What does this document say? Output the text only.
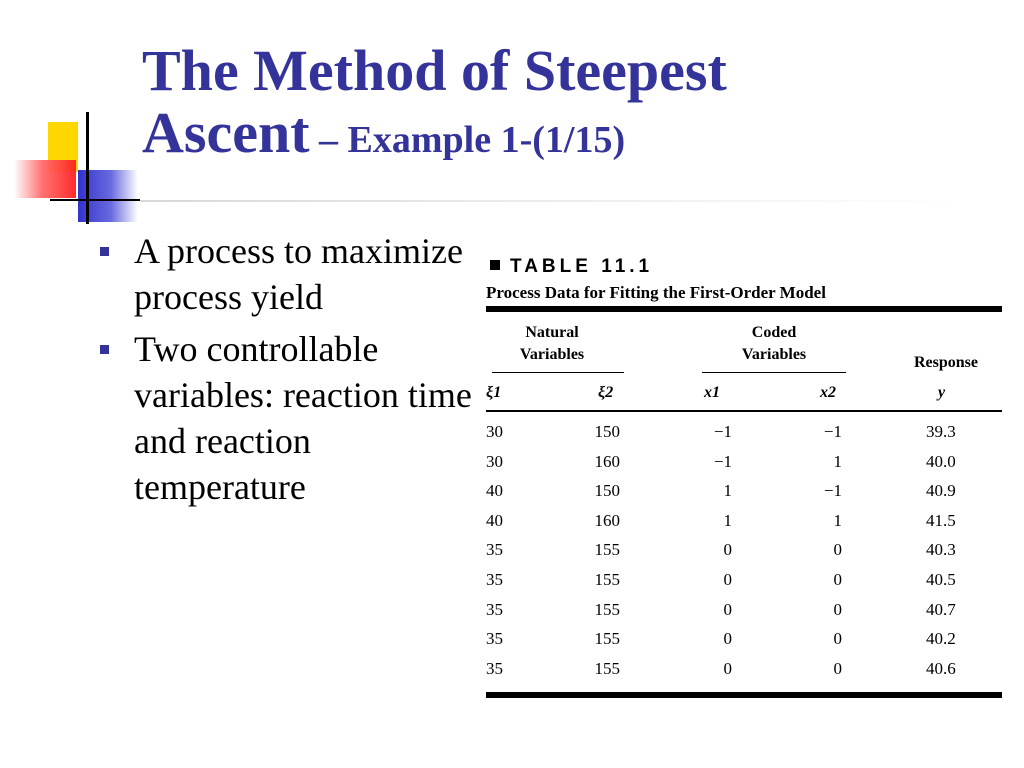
The Method of Steepest
Ascent – Example 1-(1/15)
A process to maximize process yield
Two controllable variables: reaction time and reaction temperature
TABLE 11.1
Process Data for Fitting the First-Order Model
Natural Variables
Coded Variables	Response
ξ1	ξ2	x1	x2	y
30	150	−1	−1	39.3
30	160	−1	1	40.0
40	150	1	−1	40.9
40	160	1	1	41.5
35	155	0	0	40.3
35	155	0	0	40.5
35	155	0	0	40.7
35	155	0	0	40.2
35	155	0	0	40.6
